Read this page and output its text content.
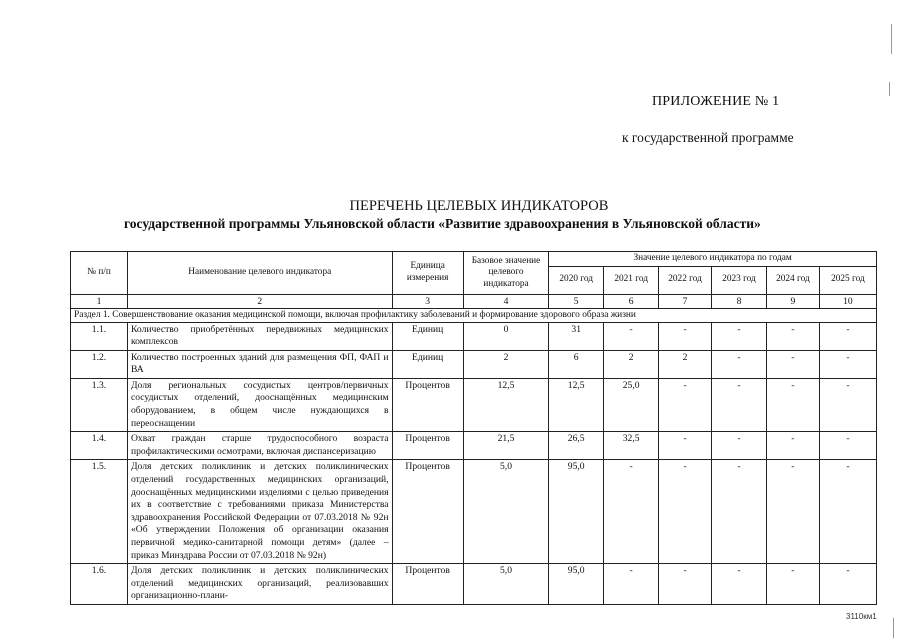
ПРИЛОЖЕНИЕ № 1
к государственной программе
ПЕРЕЧЕНЬ ЦЕЛЕВЫХ ИНДИКАТОРОВ
государственной программы Ульяновской области «Развитие здравоохранения в Ульяновской области»
№ п/п	Наименование целевого индикатора	Единица измерения	Базовое значение целевого индикатора	Значение целевого индикатора по годам					
				2020 год	2021 год	2022 год	2023 год	2024 год	2025 год
1	2	3	4	5	6	7	8	9	10
Раздел 1. Совершенствование оказания медицинской помощи, включая профилактику заболеваний и формирование здорового образа жизни									
1.1.	Количество приобретённых передвижных медицинских комплексов	Единиц	0	31	-	-	-	-	-
1.2.	Количество построенных зданий для размещения ФП, ФАП и ВА	Единиц	2	6	2	2	-	-	-
1.3.	Доля региональных сосудистых центров/первичных сосудистых отделений, дооснащённых медицинским оборудованием, в общем числе нуждающихся в переоснащении	Процентов	12,5	12,5	25,0	-	-	-	-
1.4.	Охват граждан старше трудоспособного возраста профилактическими осмотрами, включая диспансеризацию	Процентов	21,5	26,5	32,5	-	-	-	-
1.5.	Доля детских поликлиник и детских поликлинических отделений государственных медицинских организаций, дооснащённых медицинскими изделиями с целью приведения их в соответствие с требованиями приказа Министерства здравоохранения Российской Федерации от 07.03.2018 № 92н «Об утверждении Положения об организации оказания первичной медико-санитарной помощи детям» (далее – приказ Минздрава России от 07.03.2018 № 92н)	Процентов	5,0	95,0	-	-	-	-	-
1.6.	Доля детских поликлиник и детских поликлинических отделений медицинских организаций, реализовавших организационно-плани-	Процентов	5,0	95,0	-	-	-	-	-
3110км1
